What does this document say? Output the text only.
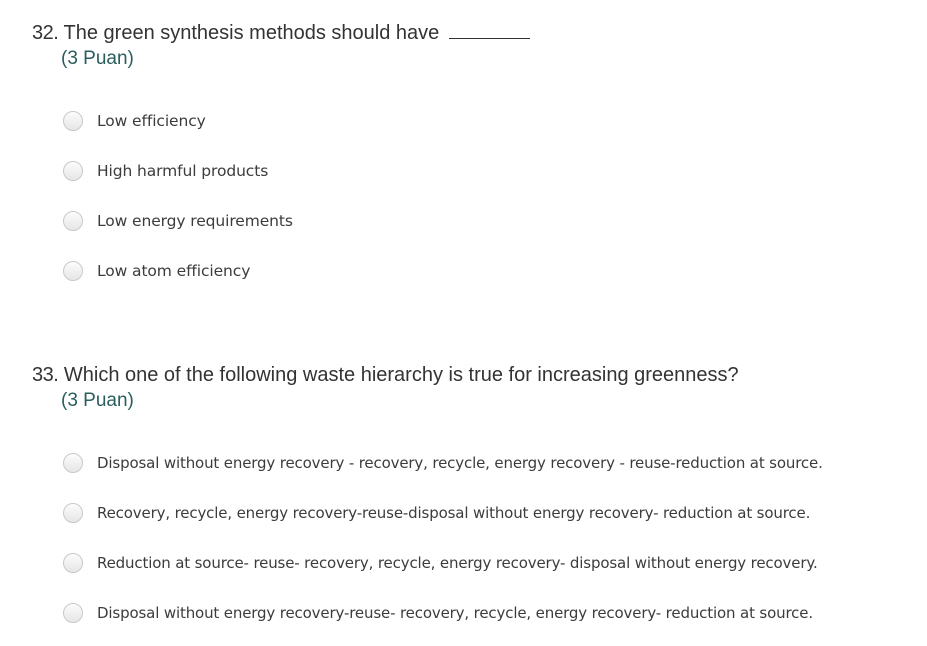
32. The green synthesis methods should have
(3 Puan)
Low efficiency
High harmful products
Low energy requirements
Low atom efficiency
33. Which one of the following waste hierarchy is true for increasing greenness?
(3 Puan)
Disposal without energy recovery - recovery, recycle, energy recovery - reuse-reduction at source.
Recovery, recycle, energy recovery-reuse-disposal without energy recovery- reduction at source.
Reduction at source- reuse- recovery, recycle, energy recovery- disposal without energy recovery.
Disposal without energy recovery-reuse- recovery, recycle, energy recovery- reduction at source.
